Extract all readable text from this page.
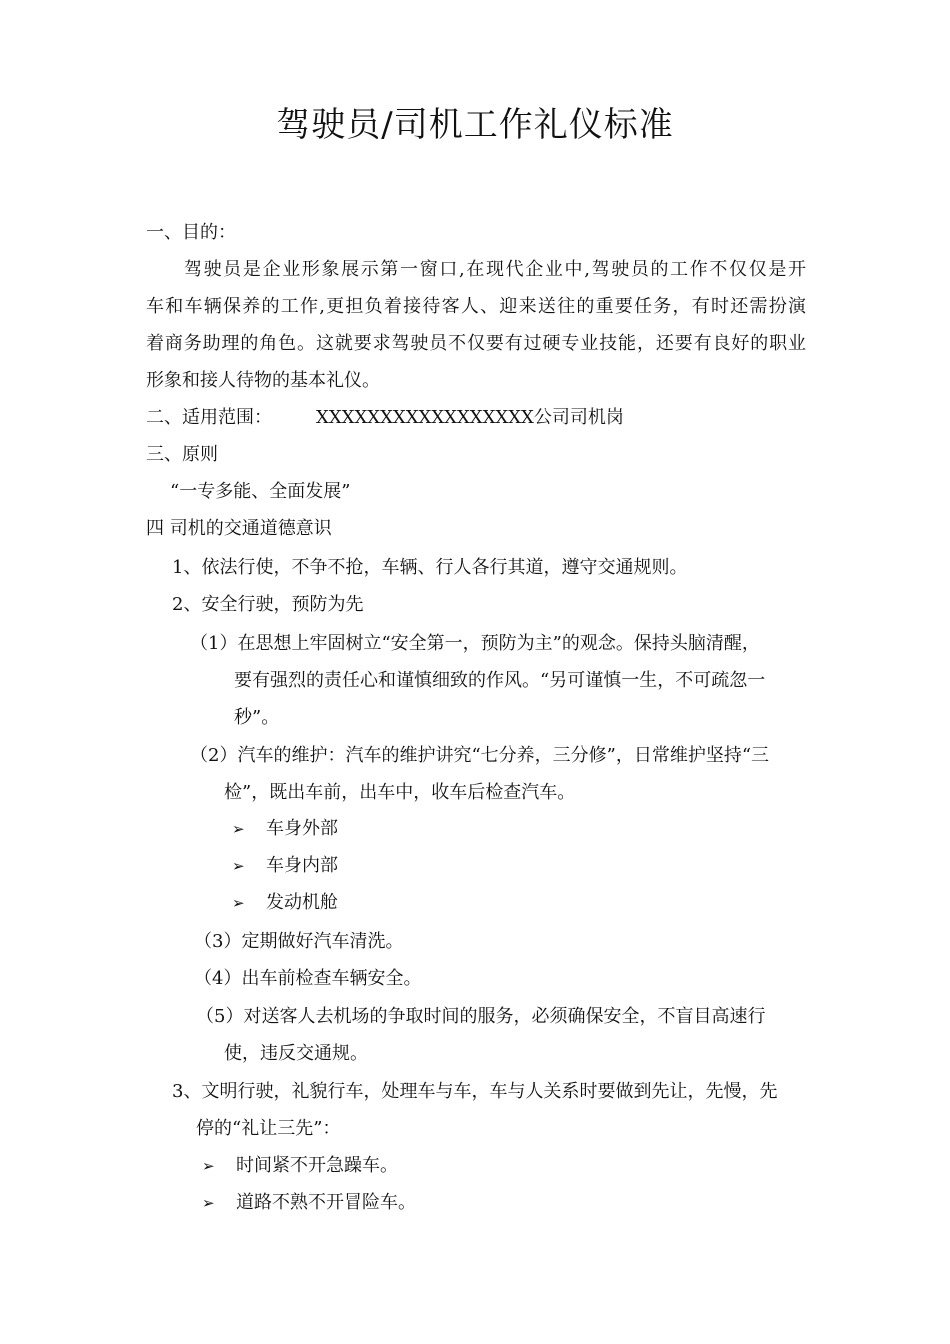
驾驶员/司机工作礼仪标准
一、目的：
驾驶员是企业形象展示第一窗口,在现代企业中,驾驶员的工作不仅仅是开
车和车辆保养的工作,更担负着接待客人、迎来送往的重要任务，有时还需扮演
着商务助理的角色。这就要求驾驶员不仅要有过硬专业技能，还要有良好的职业
形象和接人待物的基本礼仪。
二、适用范围： XXXXXXXXXXXXXXXXX公司司机岗
三、原则
“一专多能、全面发展”
四 司机的交通道德意识
1、依法行使，不争不抢，车辆、行人各行其道，遵守交通规则。
2、安全行驶，预防为先
（1）在思想上牢固树立“安全第一，预防为主”的观念。保持头脑清醒，
要有强烈的责任心和谨慎细致的作风。“另可谨慎一生，不可疏忽一
秒”。
（2）汽车的维护：汽车的维护讲究“七分养，三分修”，日常维护坚持“三
检”，既出车前，出车中，收车后检查汽车。
➢ 车身外部
➢ 车身内部
➢ 发动机舱
（3）定期做好汽车清洗。
（4）出车前检查车辆安全。
（5）对送客人去机场的争取时间的服务，必须确保安全，不盲目高速行
使，违反交通规。
3、文明行驶，礼貌行车，处理车与车，车与人关系时要做到先让，先慢，先
停的“礼让三先”：
➢ 时间紧不开急躁车。
➢ 道路不熟不开冒险车。
